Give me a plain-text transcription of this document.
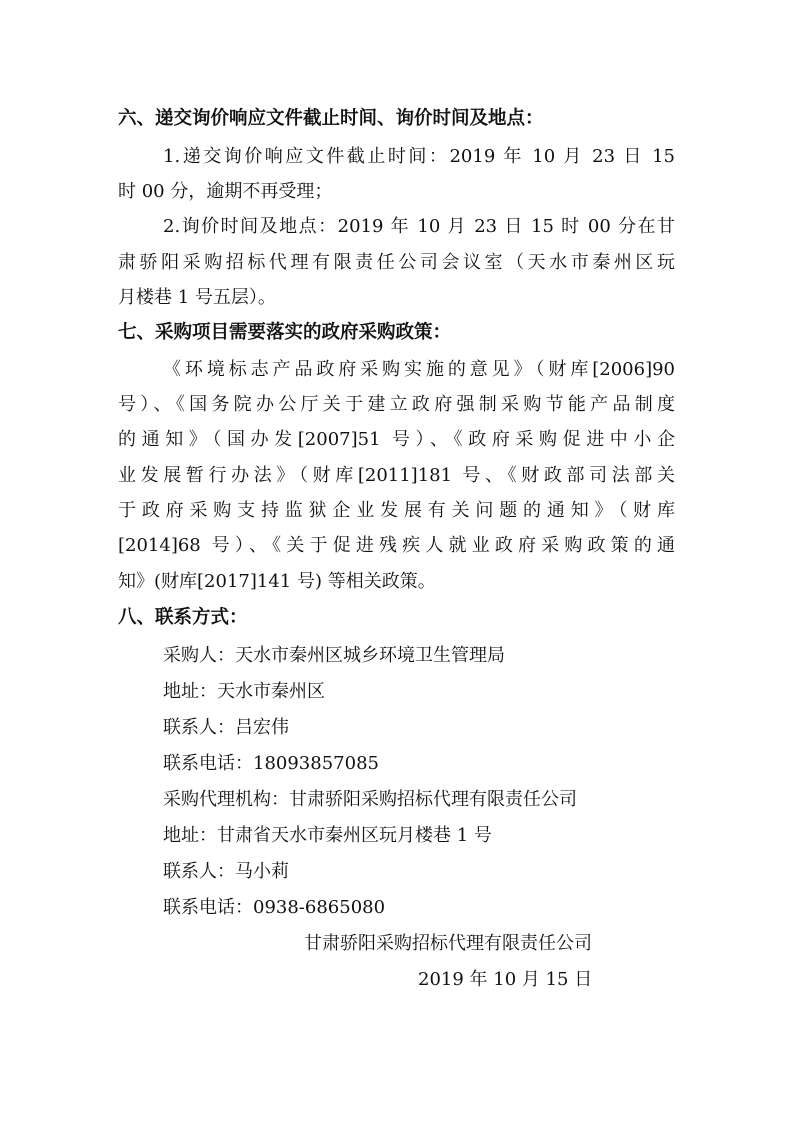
六、递交询价响应文件截止时间、询价时间及地点：
1.递交询价响应文件截止时间：2019 年 10 月 23 日 15
时 00 分，逾期不再受理；
2.询价时间及地点：2019 年 10 月 23 日 15 时 00 分在甘
肃骄阳采购招标代理有限责任公司会议室（天水市秦州区玩
月楼巷 1 号五层）。
七、采购项目需要落实的政府采购政策：
《环境标志产品政府采购实施的意见》（财库[2006]90
号）、《国务院办公厅关于建立政府强制采购节能产品制度
的通知》（国办发[2007]51 号）、《政府采购促进中小企
业发展暂行办法》（财库[2011]181 号、《财政部司法部关
于政府采购支持监狱企业发展有关问题的通知》（财库
[2014]68 号）、《关于促进残疾人就业政府采购政策的通
知》(财库[2017]141 号) 等相关政策。
八、联系方式：
采购人：天水市秦州区城乡环境卫生管理局
地址：天水市秦州区
联系人：吕宏伟
联系电话：18093857085
采购代理机构：甘肃骄阳采购招标代理有限责任公司
地址：甘肃省天水市秦州区玩月楼巷 1 号
联系人：马小莉
联系电话：0938-6865080
甘肃骄阳采购招标代理有限责任公司
2019 年 10 月 15 日
